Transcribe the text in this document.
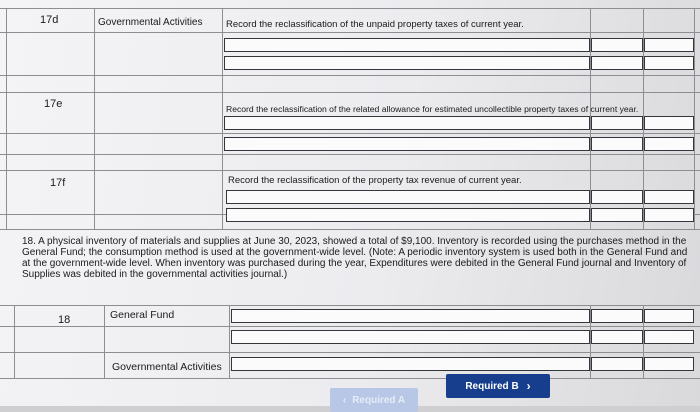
17d	Governmental Activities Record the reclassification of the unpaid property taxes of current year.
17e	Record the reclassification of the related allowance for estimated uncollectible property taxes of current year.
17f	Record the reclassification of the property tax revenue of current year.
18. A physical inventory of materials and supplies at June 30, 2023, showed a total of $9,100. Inventory is recorded using the purchases method in the General Fund; the consumption method is used at the government-wide level. (Note: A periodic inventory system is used both in the General Fund and at the government-wide level. When inventory was purchased during the year, Expenditures were debited in the General Fund journal and Inventory of Supplies was debited in the governmental activities journal.)
18	General Fund
Governmental Activities
‹ Required A
Required B ›
